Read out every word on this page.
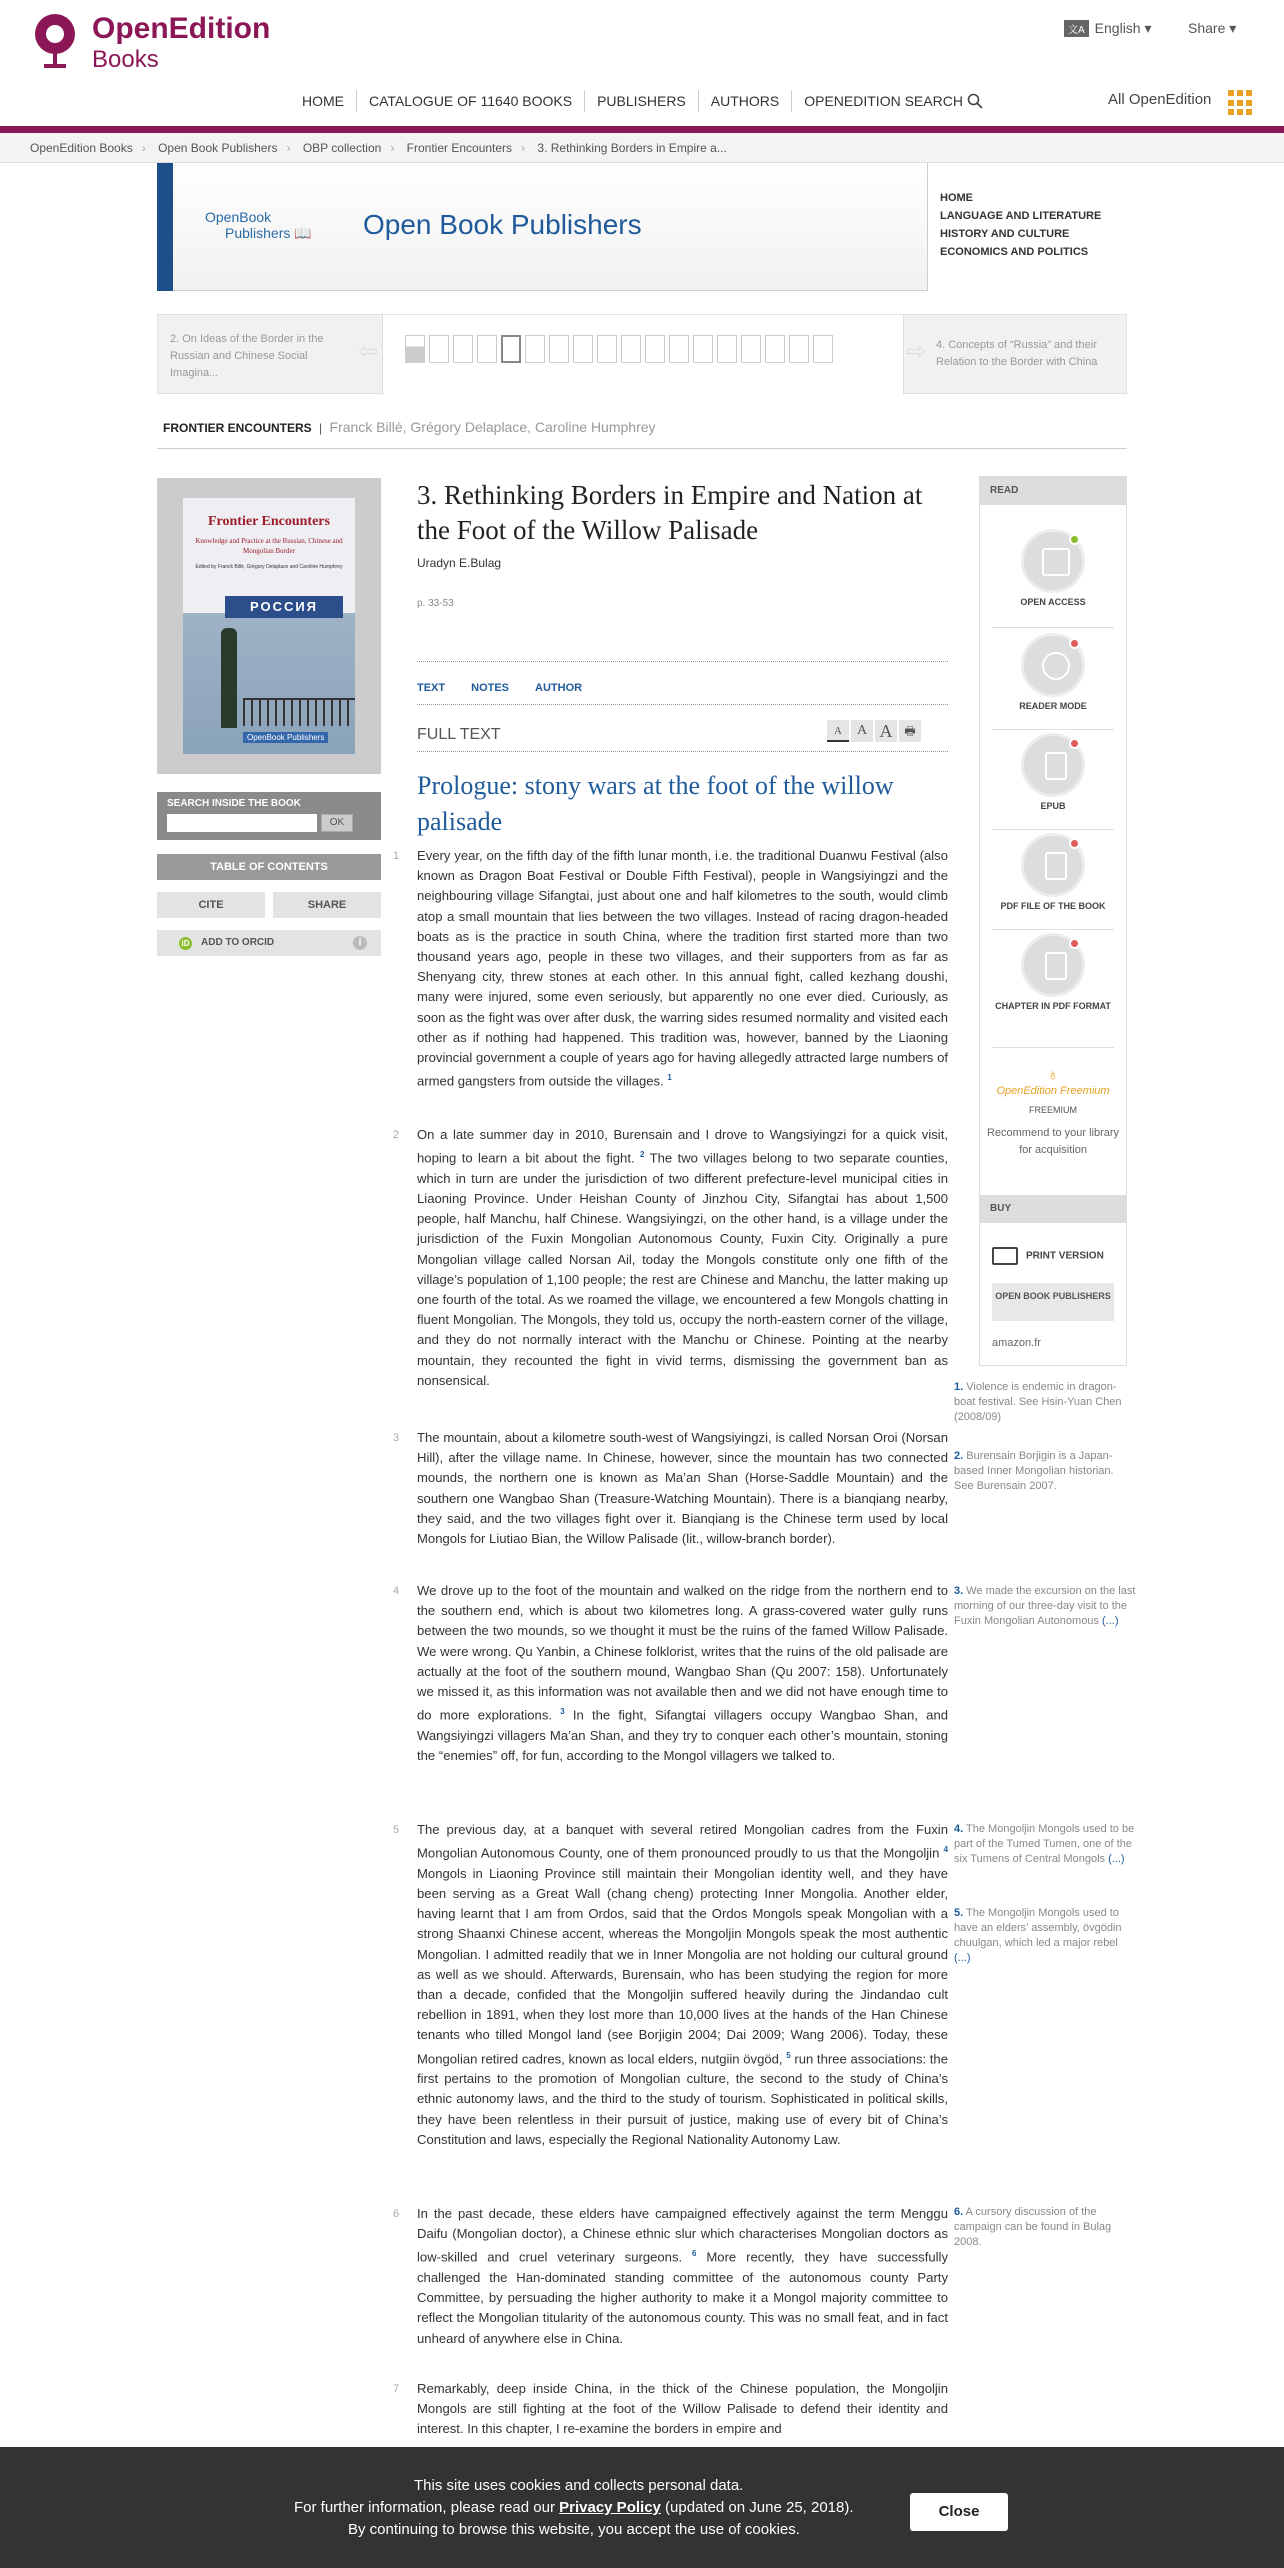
OpenEdition
Books
文A English ▾	Share ▾
HOME	CATALOGUE OF 11640 BOOKS	PUBLISHERS	AUTHORS	OPENEDITION SEARCH	All OpenEdition
OpenEdition Books › Open Book Publishers › OBP collection › Frontier Encounters › 3. Rethinking Borders in Empire a...
OpenBook
Publishers 📖 Open Book Publishers
HOME
LANGUAGE AND LITERATURE
HISTORY AND CULTURE
ECONOMICS AND POLITICS
2. On Ideas of the Border in the Russian and Chinese Social Imagina...
⇦	⇨ 4. Concepts of “Russia” and their Relation to the Border with China
FRONTIER ENCOUNTERS | Franck Billé, Grégory Delaplace, Caroline Humphrey
Frontier Encounters
Knowledge and Practice at the Russian, Chinese and Mongolian Border
Edited by Franck Billé, Grégory Delaplace and Caroline Humphrey
РОССИЯ
OpenBook Publishers
SEARCH INSIDE THE BOOK
OK
TABLE OF CONTENTS
CITE	SHARE
iD ADD TO ORCID	i
3. Rethinking Borders in Empire and Nation at the Foot of the Willow Palisade
Uradyn E.Bulag
p. 33-53
TEXT NOTES AUTHOR
FULL TEXT	A	A A 🖶
Prologue: stony wars at the foot of the willow palisade
1 Every year, on the fifth day of the fifth lunar month, i.e. the traditional Duanwu Festival (also known as Dragon Boat Festival or Double Fifth Festival), people in Wangsiyingzi and the neighbouring village Sifangtai, just about one and half kilometres to the south, would climb atop a small mountain that lies between the two villages. Instead of racing dragon-headed boats as is the practice in south China, where the tradition first started more than two thousand years ago, people in these two villages, and their supporters from as far as Shenyang city, threw stones at each other. In this annual fight, called kezhang doushi, many were injured, some even seriously, but apparently no one ever died. Curiously, as soon as the fight was over after dusk, the warring sides resumed normality and visited each other as if nothing had happened. This tradition was, however, banned by the Liaoning provincial government a couple of years ago for having allegedly attracted large numbers of armed gangsters from outside the villages. $^1$
2 On a late summer day in 2010, Burensain and I drove to Wangsiyingzi for a quick visit, hoping to learn a bit about the fight. $^2$ The two villages belong to two separate counties, which in turn are under the jurisdiction of two different prefecture-level municipal cities in Liaoning Province. Under Heishan County of Jinzhou City, Sifangtai has about 1,500 people, half Manchu, half Chinese. Wangsiyingzi, on the other hand, is a village under the jurisdiction of the Fuxin Mongolian Autonomous County, Fuxin City. Originally a pure Mongolian village called Norsan Ail, today the Mongols constitute only one fifth of the village’s population of 1,100 people; the rest are Chinese and Manchu, the latter making up one fourth of the total. As we roamed the village, we encountered a few Mongols chatting in fluent Mongolian. The Mongols, they told us, occupy the north-eastern corner of the village, and they do not normally interact with the Manchu or Chinese. Pointing at the nearby mountain, they recounted the fight in vivid terms, dismissing the government ban as nonsensical.
3 The mountain, about a kilometre south-west of Wangsiyingzi, is called Norsan Oroi (Norsan Hill), after the village name. In Chinese, however, since the mountain has two connected mounds, the northern one is known as Ma’an Shan (Horse-Saddle Mountain) and the southern one Wangbao Shan (Treasure-Watching Mountain). There is a bianqiang nearby, they said, and the two villages fight over it. Bianqiang is the Chinese term used by local Mongols for Liutiao Bian, the Willow Palisade (lit., willow-branch border).
4 We drove up to the foot of the mountain and walked on the ridge from the northern end to the southern end, which is about two kilometres long. A grass-covered water gully runs between the two mounds, so we thought it must be the ruins of the famed Willow Palisade. We were wrong. Qu Yanbin, a Chinese folklorist, writes that the ruins of the old palisade are actually at the foot of the southern mound, Wangbao Shan (Qu 2007: 158). Unfortunately we missed it, as this information was not available then and we did not have enough time to do more explorations. $^3$ In the fight, Sifangtai villagers occupy Wangbao Shan, and Wangsiyingzi villagers Ma’an Shan, and they try to conquer each other’s mountain, stoning the “enemies” off, for fun, according to the Mongol villagers we talked to.
5 The previous day, at a banquet with several retired Mongolian cadres from the Fuxin Mongolian Autonomous County, one of them pronounced proudly to us that the Mongoljin $^4$ Mongols in Liaoning Province still maintain their Mongolian identity well, and they have been serving as a Great Wall (chang cheng) protecting Inner Mongolia. Another elder, having learnt that I am from Ordos, said that the Ordos Mongols speak Mongolian with a strong Shaanxi Chinese accent, whereas the Mongoljin Mongols speak the most authentic Mongolian. I admitted readily that we in Inner Mongolia are not holding our cultural ground as well as we should. Afterwards, Burensain, who has been studying the region for more than a decade, confided that the Mongoljin suffered heavily during the Jindandao cult rebellion in 1891, when they lost more than 10,000 lives at the hands of the Han Chinese tenants who tilled Mongol land (see Borjigin 2004; Dai 2009; Wang 2006). Today, these Mongolian retired cadres, known as local elders, nutgiin övgöd, $^5$ run three associations: the first pertains to the promotion of Mongolian culture, the second to the study of China’s ethnic autonomy laws, and the third to the study of tourism. Sophisticated in political skills, they have been relentless in their pursuit of justice, making use of every bit of China’s Constitution and laws, especially the Regional Nationality Autonomy Law.
6 In the past decade, these elders have campaigned effectively against the term Menggu Daifu (Mongolian doctor), a Chinese ethnic slur which characterises Mongolian doctors as low-skilled and cruel veterinary surgeons. $^6$ More recently, they have successfully challenged the Han-dominated standing committee of the autonomous county Party Committee, by persuading the higher authority to make it a Mongol majority committee to reflect the Mongolian titularity of the autonomous county. This was no small feat, and in fact unheard of anywhere else in China.
7 Remarkably, deep inside China, in the thick of the Chinese population, the Mongoljin Mongols are still fighting at the foot of the Willow Palisade to defend their identity and interest. In this chapter, I re-examine the borders in empire and
READ
OPEN ACCESS
READER MODE
EPUB
PDF FILE OF THE BOOK
CHAPTER IN PDF FORMAT
♁
OpenEdition Freemium
FREEMIUM
Recommend to your library for acquisition
BUY
PRINT VERSION
OPEN BOOK PUBLISHERS
amazon.fr
1. Violence is endemic in dragon-boat festival. See Hsin-Yuan Chen (2008/09)
2. Burensain Borjigin is a Japan-based Inner Mongolian historian. See Burensain 2007.
3. We made the excursion on the last morning of our three-day visit to the Fuxin Mongolian Autonomous (...)
4. The Mongoljin Mongols used to be part of the Tumed Tumen, one of the six Tumens of Central Mongols (...)
5. The Mongoljin Mongols used to have an elders’ assembly, övgödin chuulgan, which led a major rebel (...)
6. A cursory discussion of the campaign can be found in Bulag 2008.
This site uses cookies and collects personal data.
For further information, please read our Privacy Policy (updated on June 25, 2018).
By continuing to browse this website, you accept the use of cookies.
Close
